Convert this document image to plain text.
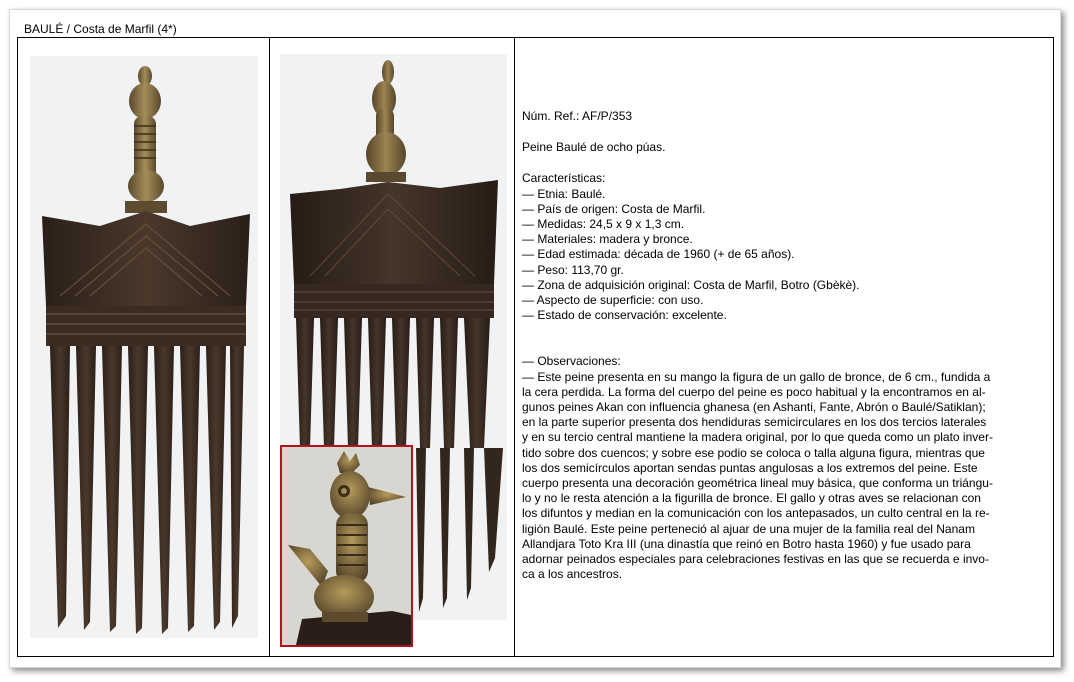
BAULÉ / Costa de Marfil (4*)

Núm. Ref.: AF/P/353

Peine Baulé de ocho púas.

Características:

— Etnia: Baulé.

— País de origen: Costa de Marfil.

— Medidas: 24,5 x 9 x 1,3 cm.

— Materiales: madera y bronce.

— Edad estimada: década de 1960 (+ de 65 años).

— Peso: 113,70 gr.

— Zona de adquisición original: Costa de Marfil, Botro (Gbèkè).

— Aspecto de superficie: con uso.

— Estado de conservación: excelente.

— Observaciones:

— Este peine presenta en su mango la figura de un gallo de bronce, de 6 cm., fundida a

la cera perdida. La forma del cuerpo del peine es poco habitual y la encontramos en al-

gunos peines Akan con influencia ghanesa (en Ashanti, Fante, Abrón o Baulé/Satiklan);

en la parte superior presenta dos hendiduras semicirculares en los dos tercios laterales

y en su tercio central mantiene la madera original, por lo que queda como un plato inver-

tido sobre dos cuencos; y sobre ese podio se coloca o talla alguna figura, mientras que

los dos semicírculos aportan sendas puntas angulosas a los extremos del peine. Este

cuerpo presenta una decoración geométrica lineal muy básica, que conforma un triángu-

lo y no le resta atención a la figurilla de bronce. El gallo y otras aves se relacionan con

los difuntos y median en la comunicación con los antepasados, un culto central en la re-

ligión Baulé. Este peine perteneció al ajuar de una mujer de la familia real del Nanam

Allandjara Toto Kra III (una dinastía que reinó en Botro hasta 1960) y fue usado para

adornar peinados especiales para celebraciones festivas en las que se recuerda e invo-

ca a los ancestros.
